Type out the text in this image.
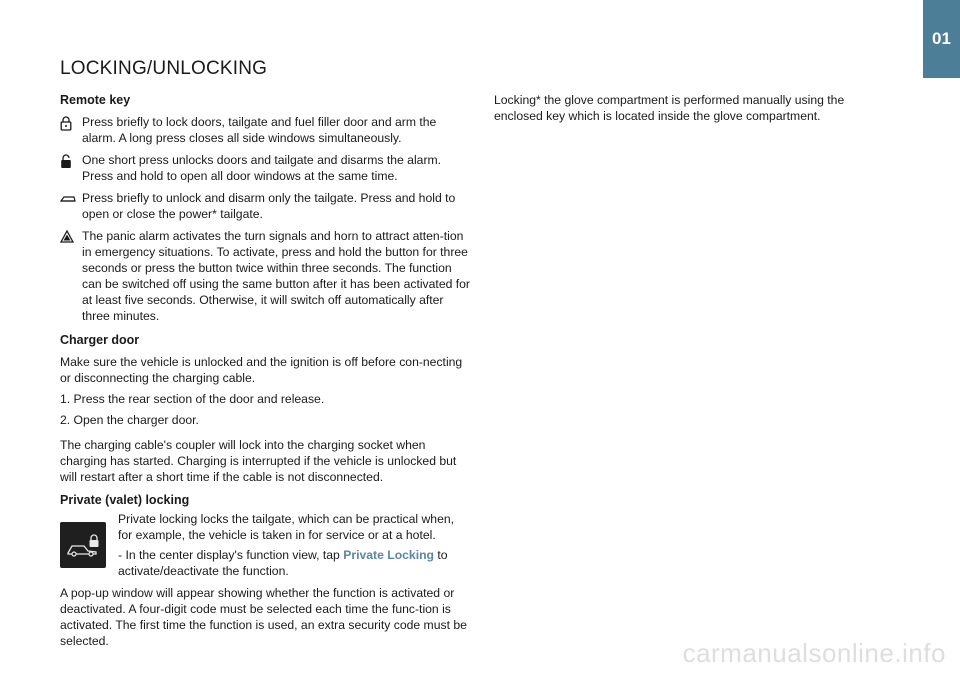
01
LOCKING/UNLOCKING
Remote key

Press briefly to lock doors, tailgate and fuel filler door and arm the alarm. A long press closes all side windows simultaneously.

One short press unlocks doors and tailgate and disarms the alarm. Press and hold to open all door windows at the same time.

Press briefly to unlock and disarm only the tailgate. Press and hold to open or close the power* tailgate.

The panic alarm activates the turn signals and horn to attract atten-tion in emergency situations. To activate, press and hold the button for three seconds or press the button twice within three seconds. The function can be switched off using the same button after it has been activated for at least five seconds. Otherwise, it will switch off automatically after three minutes.

Charger door

Make sure the vehicle is unlocked and the ignition is off before con-necting or disconnecting the charging cable.

1. Press the rear section of the door and release.

2. Open the charger door.

The charging cable's coupler will lock into the charging socket when charging has started. Charging is interrupted if the vehicle is unlocked but will restart after a short time if the cable is not disconnected.

Private (valet) locking

Private locking locks the tailgate, which can be practical when, for example, the vehicle is taken in for service or at a hotel.

- In the center display's function view, tap Private Locking to activate/deactivate the function.

A pop-up window will appear showing whether the function is activated or deactivated. A four-digit code must be selected each time the func-tion is activated. The first time the function is used, an extra security code must be selected.

Locking* the glove compartment is performed manually using the enclosed key which is located inside the glove compartment.

carmanualsonline.info
